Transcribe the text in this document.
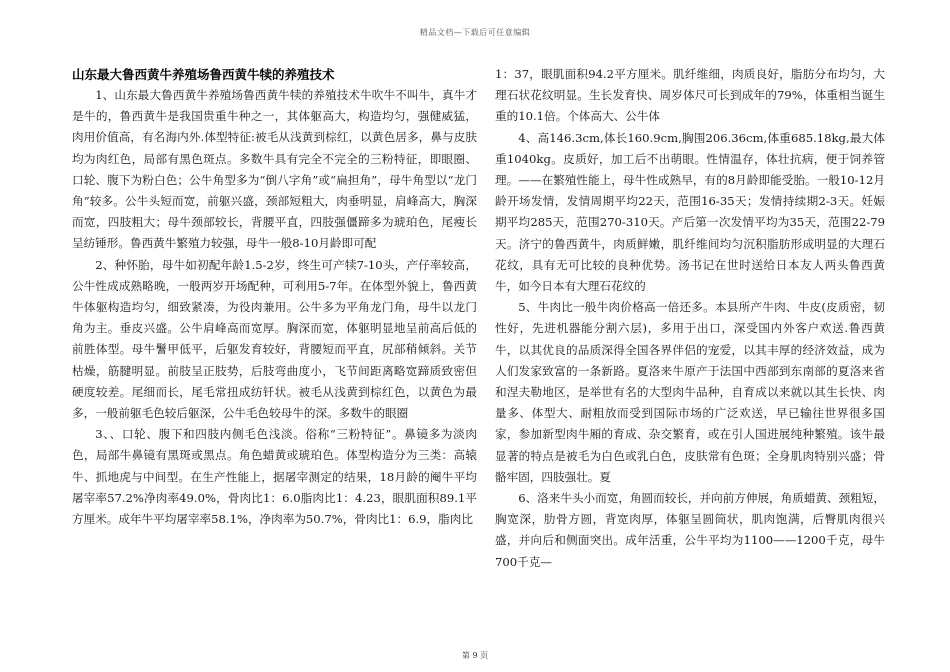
精品文档—下载后可任意编辑
山东最大鲁西黄牛养殖场鲁西黄牛犊的养殖技术

1、山东最大鲁西黄牛养殖场鲁西黄牛犊的养殖技术牛吹牛不叫牛，真牛才是牛的，鲁西黄牛是我国贵重牛种之一，其体躯高大，构造均匀，强健威猛，肉用价值高，有名海内外.体型特征:被毛从浅黄到棕红，以黄色居多，鼻与皮肤均为肉红色，局部有黑色斑点。多数牛具有完全不完全的三粉特征，即眼圈、口轮、腹下为粉白色；公牛角型多为“倒八字角”或“扁担角”，母牛角型以“龙门角”较多。公牛头短而宽，前躯兴盛，颈部短粗大，肉垂明显，肩峰高大，胸深而宽，四肢粗大；母牛颈部较长，背腰平直，四肢强僵蹄多为琥珀色，尾瘦长呈纺锤形。鲁西黄牛繁殖力较强，母牛一般8-10月龄即可配

2、种怀胎，母牛如初配年龄1.5-2岁，终生可产犊7-10头，产仔率较高，公牛性成成熟略晚，一般两岁开场配种，可利用5-7年。在体型外貌上，鲁西黄牛体躯构造均匀，细致紧凑，为役肉兼用。公牛多为平角龙门角，母牛以龙门角为主。垂皮兴盛。公牛肩峰高而宽厚。胸深而宽，体躯明显地呈前高后低的前胜体型。母牛鬐甲低平，后躯发育较好，背腰短而平直，尻部稍倾斜。关节枯燥，筋腱明显。前肢呈正肢势，后肢弯曲度小，飞节间距离略宽蹄质致密但硬度较差。尾细而长，尾毛常扭成纺钎状。被毛从浅黄到棕红色，以黄色为最多，一般前躯毛色较后躯深，公牛毛色较母牛的深。多数牛的眼圈

3、、口轮、腹下和四肢内侧毛色浅淡。俗称“三粉特征”。鼻镜多为淡肉色，局部牛鼻镜有黑斑或黑点。角色蜡黄或琥珀色。体型构造分为三类：高辕牛、抓地虎与中间型。在生产性能上，据屠宰测定的结果，18月龄的阉牛平均屠宰率57.2%净肉率49.0%，骨肉比1：6.0脂肉比1：4.23，眼肌面积89.1平方厘米。成年牛平均屠宰率58.1%，净肉率为50.7%，骨肉比1：6.9，脂肉比

1：37，眼肌面积94.2平方厘米。肌纤维细，肉质良好，脂肪分布均匀，大理石状花纹明显。生长发育快、周岁体尺可长到成年的79%，体重相当诞生重的10.1倍。个体高大、公牛体

4、高146.3cm,体长160.9cm,胸围206.36cm,体重685.18kg,最大体重1040kg。皮质好，加工后不出萌眼。性情温存，体壮抗病，便于饲养管理。——在繁殖性能上，母牛性成熟早，有的8月龄即能受胎。一般10-12月龄开场发情，发情周期平均22天，范围16-35天；发情持续期2-3天。妊娠期平均285天，范围270-310天。产后第一次发情平均为35天，范围22-79天。济宁的鲁西黄牛，肉质鲜嫩，肌纤维间均匀沉积脂肪形成明显的大理石花纹，具有无可比较的良种优势。汤书记在世时送给日本友人两头鲁西黄牛，如今日本有大理石花纹的

5、牛肉比一般牛肉价格高一倍还多。本县所产牛肉、牛皮(皮质密，韧性好，先进机器能分割六层)，多用于出口，深受国内外客户欢送.鲁西黄牛，以其优良的品质深得全国各界伴侣的宠爱，以其丰厚的经济效益，成为人们发家致富的一条新路。夏洛来牛原产于法国中西部到东南部的夏洛来省和涅夫勒地区，是举世有名的大型肉牛品种，自育成以来就以其生长快、肉量多、体型大、耐粗放而受到国际市场的广泛欢送，早已输往世界很多国家，参加新型肉牛厢的育成、杂交繁育，或在引人国进展纯种繁殖。该牛最显著的特点是被毛为白色或乳白色，皮肤常有色斑；全身肌肉特别兴盛；骨骼牢固，四肢强壮。夏

6、洛来牛头小而宽，角圆而较长，并向前方伸展，角质蜡黄、颈粗短，胸宽深，肋骨方圆，背宽肉厚，体躯呈圆筒状，肌肉饱满，后臀肌肉很兴盛，并向后和侧面突出。成年活重，公牛平均为1100——1200千克，母牛700千克—

第 9 页
